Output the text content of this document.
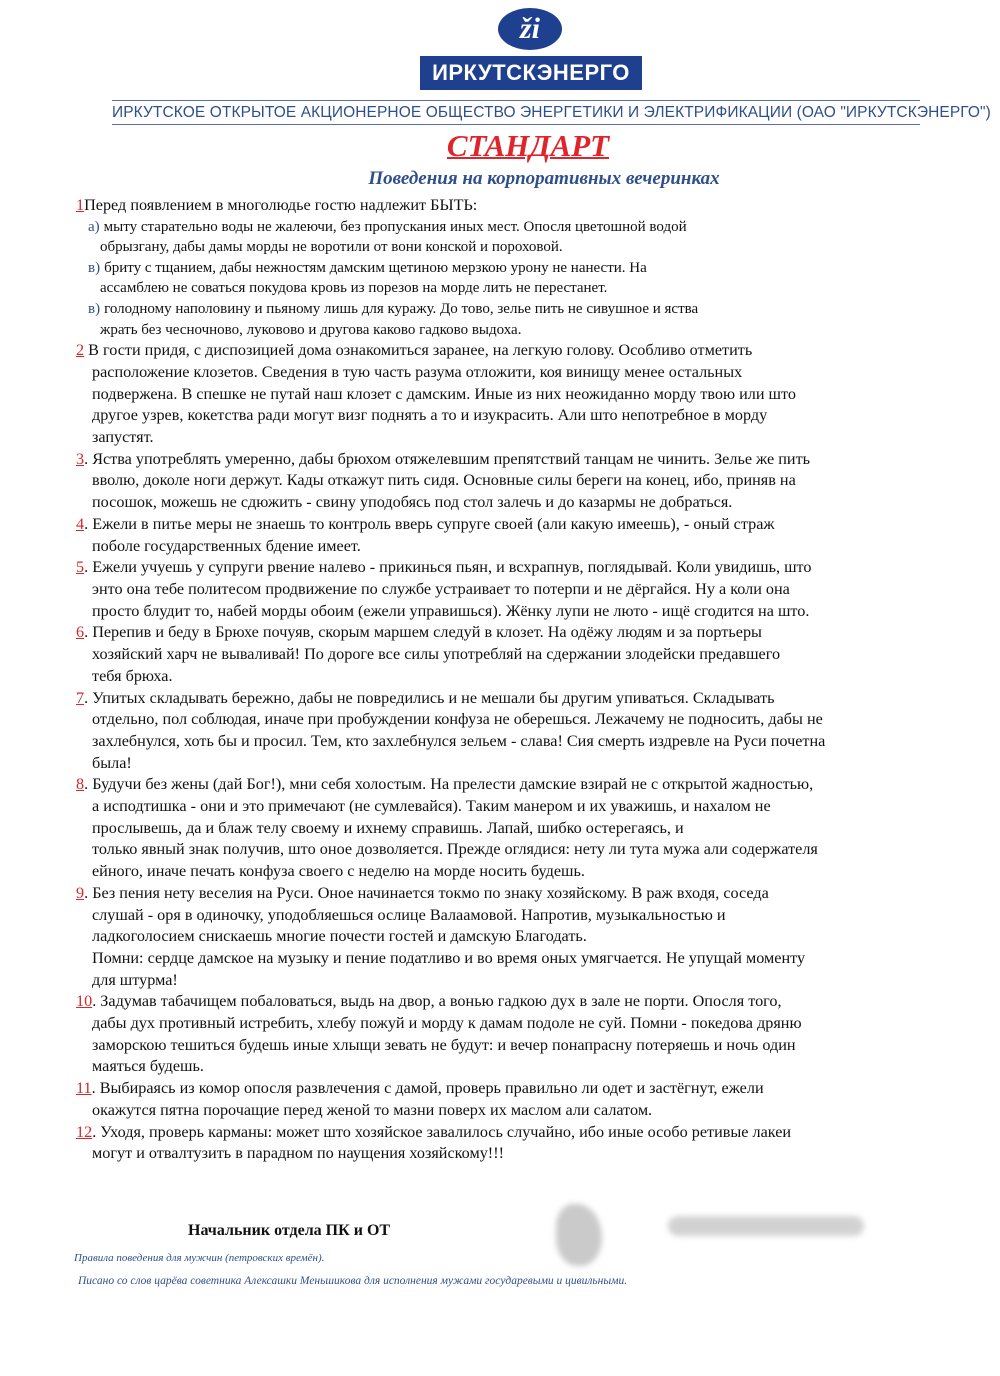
ži
ИРКУТСКЭНЕРГО
ИРКУТСКОЕ ОТКРЫТОЕ АКЦИОНЕРНОЕ ОБЩЕСТВО ЭНЕРГЕТИКИ И ЭЛЕКТРИФИКАЦИИ (ОАО "ИРКУТСКЭНЕРГО")
СТАНДАРТ
Поведения на корпоративных вечеринках
1Перед появлением в многолюдье гостю надлежит БЫТЬ:
а) мыту старательно воды не жалеючи, без пропускания иных мест. Опосля цветошной водой
обрызгану, дабы дамы морды не воротили от вони конской и пороховой.
в) бриту с тщанием, дабы нежностям дамским щетиною мерзкою урону не нанести. На
ассамблею не соваться покудова кровь из порезов на морде лить не перестанет.
в) голодному наполовину и пьяному лишь для куражу. До тово, зелье пить не сивушное и яства
жрать без чесночново, луковово и другова каково гадково выдоха.
2 В гости придя, с диспозицией дома ознакомиться заранее, на легкую голову. Особливо отметить
расположение клозетов. Сведения в тую часть разума отложити, коя винищу менее остальных
подвержена. В спешке не путай наш клозет с дамским. Иные из них неожиданно морду твою или што
другое узрев, кокетства ради могут визг поднять а то и изукрасить. Али што непотребное в морду
запустят.
3. Яства употреблять умеренно, дабы брюхом отяжелевшим препятствий танцам не чинить. Зелье же пить
вволю, доколе ноги держут. Кады откажут пить сидя. Основные силы береги на конец, ибо, приняв на
посошок, можешь не сдюжить - свину уподобясь под стол залечь и до казармы не добраться.
4. Ежели в питье меры не знаешь то контроль вверь супруге своей (али какую имеешь), - оный страж
поболе государственных бдение имеет.
5. Ежели учуешь у супруги рвение налево - прикинься пьян, и всхрапнув, поглядывай. Коли увидишь, што
энто она тебе политесом продвижение по службе устраивает то потерпи и не дёргайся. Ну а коли она
просто блудит то, набей морды обоим (ежели управишься). Жёнку лупи не люто - ищё сгодится на што.
6. Перепив и беду в Брюхе почуяв, скорым маршем следуй в клозет. На одёжу людям и за портьеры
хозяйский харч не вываливай! По дороге все силы употребляй на сдержании злодейски предавшего
тебя брюха.
7. Упитых складывать бережно, дабы не повредились и не мешали бы другим упиваться. Складывать
отдельно, пол соблюдая, иначе при пробуждении конфуза не оберешься. Лежачему не подносить, дабы не
захлебнулся, хоть бы и просил. Тем, кто захлебнулся зельем - слава! Сия смерть издревле на Руси почетна
была!
8. Будучи без жены (дай Бог!), мни себя холостым. На прелести дамские взирай не с открытой жадностью,
а исподтишка - они и это примечают (не сумлевайся). Таким манером и их уважишь, и нахалом не
прослывешь, да и блаж телу своему и ихнему справишь. Лапай, шибко остерегаясь, и
только явный знак получив, штo оное дозволяется. Прежде оглядися: нету ли тута мужа али содержателя
ейного, иначе печать конфуза своего с неделю на морде носить будешь.
9. Без пения нету веселия на Руси. Оное начинается токмо по знаку хозяйскому. В раж входя, соседа
слушай - оря в одиночку, уподобляешься ослице Валаамовой. Напротив, музыкальностью и
ладкоголосием снискаешь многие почести гостей и дамскую Благодать.
Помни: сердце дамское на музыку и пение податливо и во время оных умягчается. Не упущай моменту
для штурма!
10. Задумав табачищем побаловаться, выдь на двор, а вонью гадкою дух в зале не порти. Опосля того,
дабы дух противный истребить, хлебу пожуй и морду к дамам подоле не суй. Помни - покедова дряню
заморскою тешиться будешь иные хлыщи зевать не будут: и вечер понапрасну потеряешь и ночь один
маяться будешь.
11. Выбираясь из комор опосля развлечения с дамой, проверь правильно ли одет и застёгнут, ежели
окажутся пятна порочащие перед женой то мазни поверх их маслом али салатом.
12. Уходя, проверь карманы: может што хозяйское завалилось случайно, ибо иные особо ретивые лакеи
могут и отвалтузить в парадном по наущения хозяйскому!!!
Начальник отдела ПК и ОТ
Правила поведения для мужчин (петровских времён).
Писано со слов царёва советника Алексашки Меньшикова для исполнения мужами государевыми и цивильными.
